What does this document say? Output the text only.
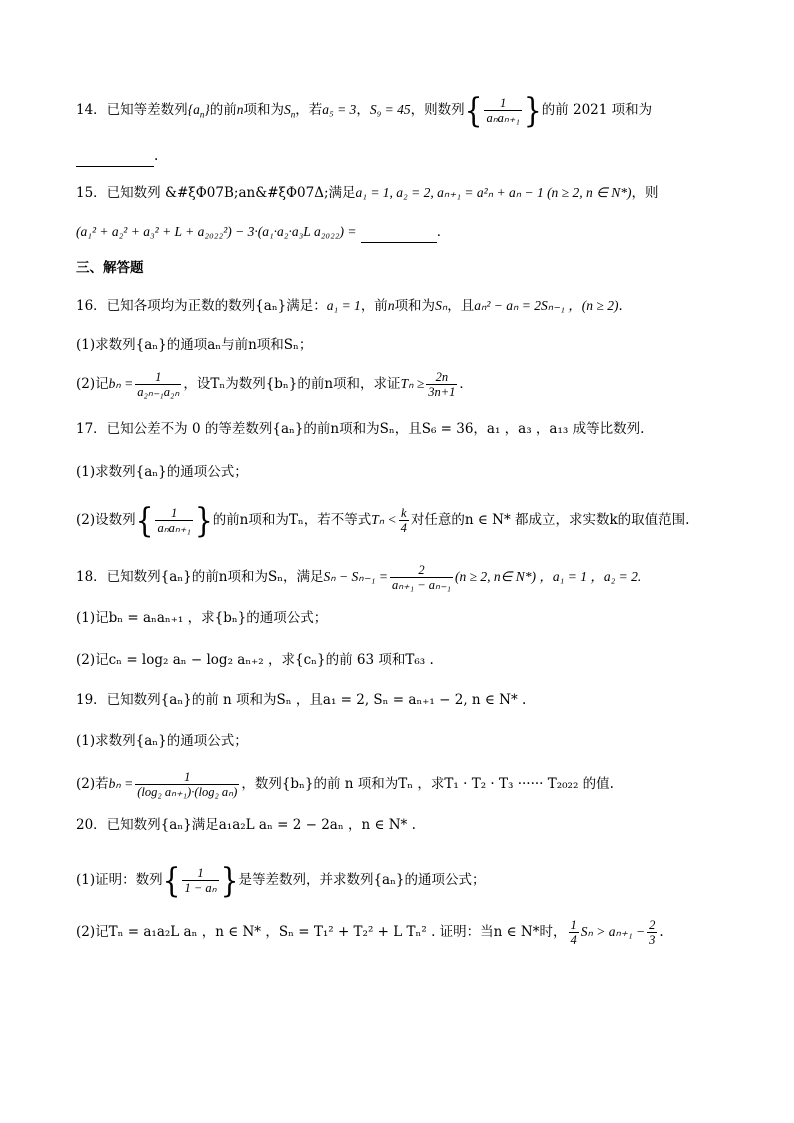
14．已知等差数列$\{a_n\}$的前n项和为$S_n$，若a₅ = 3，S₉ = 45，则数列 { $\frac{1}{\text{aₙaₙ₊₁}}$ } 的前 2021 项和为
.
15．已知数列 &#ξΦ07B;an&#ξΦ07Δ;满足a₁ = 1, a₂ = 2, aₙ₊₁ = a²ₙ + aₙ − 1 (n ≥ 2, n ∈ N*)，则
(a₁² + a₂² + a₃² + L + a₂₀₂₂²) − 3·(a₁·a₂·a₃L a₂₀₂₂) =	．
三、解答题
16．已知各项均为正数的数列{aₙ}满足：a₁ = 1，前n项和为Sₙ，且aₙ² − aₙ = 2Sₙ₋₁ ，(n ≥ 2)．
(1)求数列{aₙ}的通项aₙ与前n项和Sₙ；
(2)记$b_n = \frac{1}{\text{a₂ₙ₋₁a₂ₙ}}$ ，设Tₙ为数列{bₙ}的前n项和，求证$T_n \ge \frac{2n}{3n+1}$ ．
17．已知公差不为 0 的等差数列{aₙ}的前n项和为Sₙ，且S₆ = 36，a₁ ，a₃ ，a₁₃ 成等比数列.
(1)求数列{aₙ}的通项公式；
(2)设数列 { $\frac{1}{\text{aₙaₙ₊₁}}$ } 的前n项和为Tₙ，若不等式$T_n < \frac{k}{4}$ 对任意的n ∈ N* 都成立，求实数k的取值范围.
18．已知数列{aₙ}的前n项和为Sₙ，满足$S_n - S_{n-1} = \frac{2}{\text{aₙ₊₁ − aₙ₋₁}} (n \ge 2$, n∈ N*) ，a₁ = 1 ，a₂ = 2.
(1)记bₙ = aₙaₙ₊₁ ，求{bₙ}的通项公式；
(2)记cₙ = log₂ aₙ − log₂ aₙ₊₂ ，求{cₙ}的前 63 项和T₆₃ .
19．已知数列{aₙ}的前 n 项和为Sₙ ，且a₁ = 2, Sₙ = aₙ₊₁ − 2, n ∈ N* .
(1)求数列{aₙ}的通项公式；
(2)若$b_n = \frac{1}{\text{(log₂ aₙ₊₁)·(log₂ aₙ)}}$ ，数列{bₙ}的前 n 项和为Tₙ ，求T₁ · T₂ · T₃ ······ T₂₀₂₂ 的值.
20．已知数列{aₙ}满足a₁a₂L aₙ = 2 − 2aₙ ，n ∈ N* .
(1)证明：数列 { $\frac{1}{\text{1 − aₙ}}$ } 是等差数列，并求数列{aₙ}的通项公式；
(2)记Tₙ = a₁a₂L aₙ ，n ∈ N* ，Sₙ = T₁² + T₂² + L Tₙ² . 证明：当n ∈ N*时， $\frac{1}{4}$ $S_n > a_{n+1} - \frac{2}{3}$ .
